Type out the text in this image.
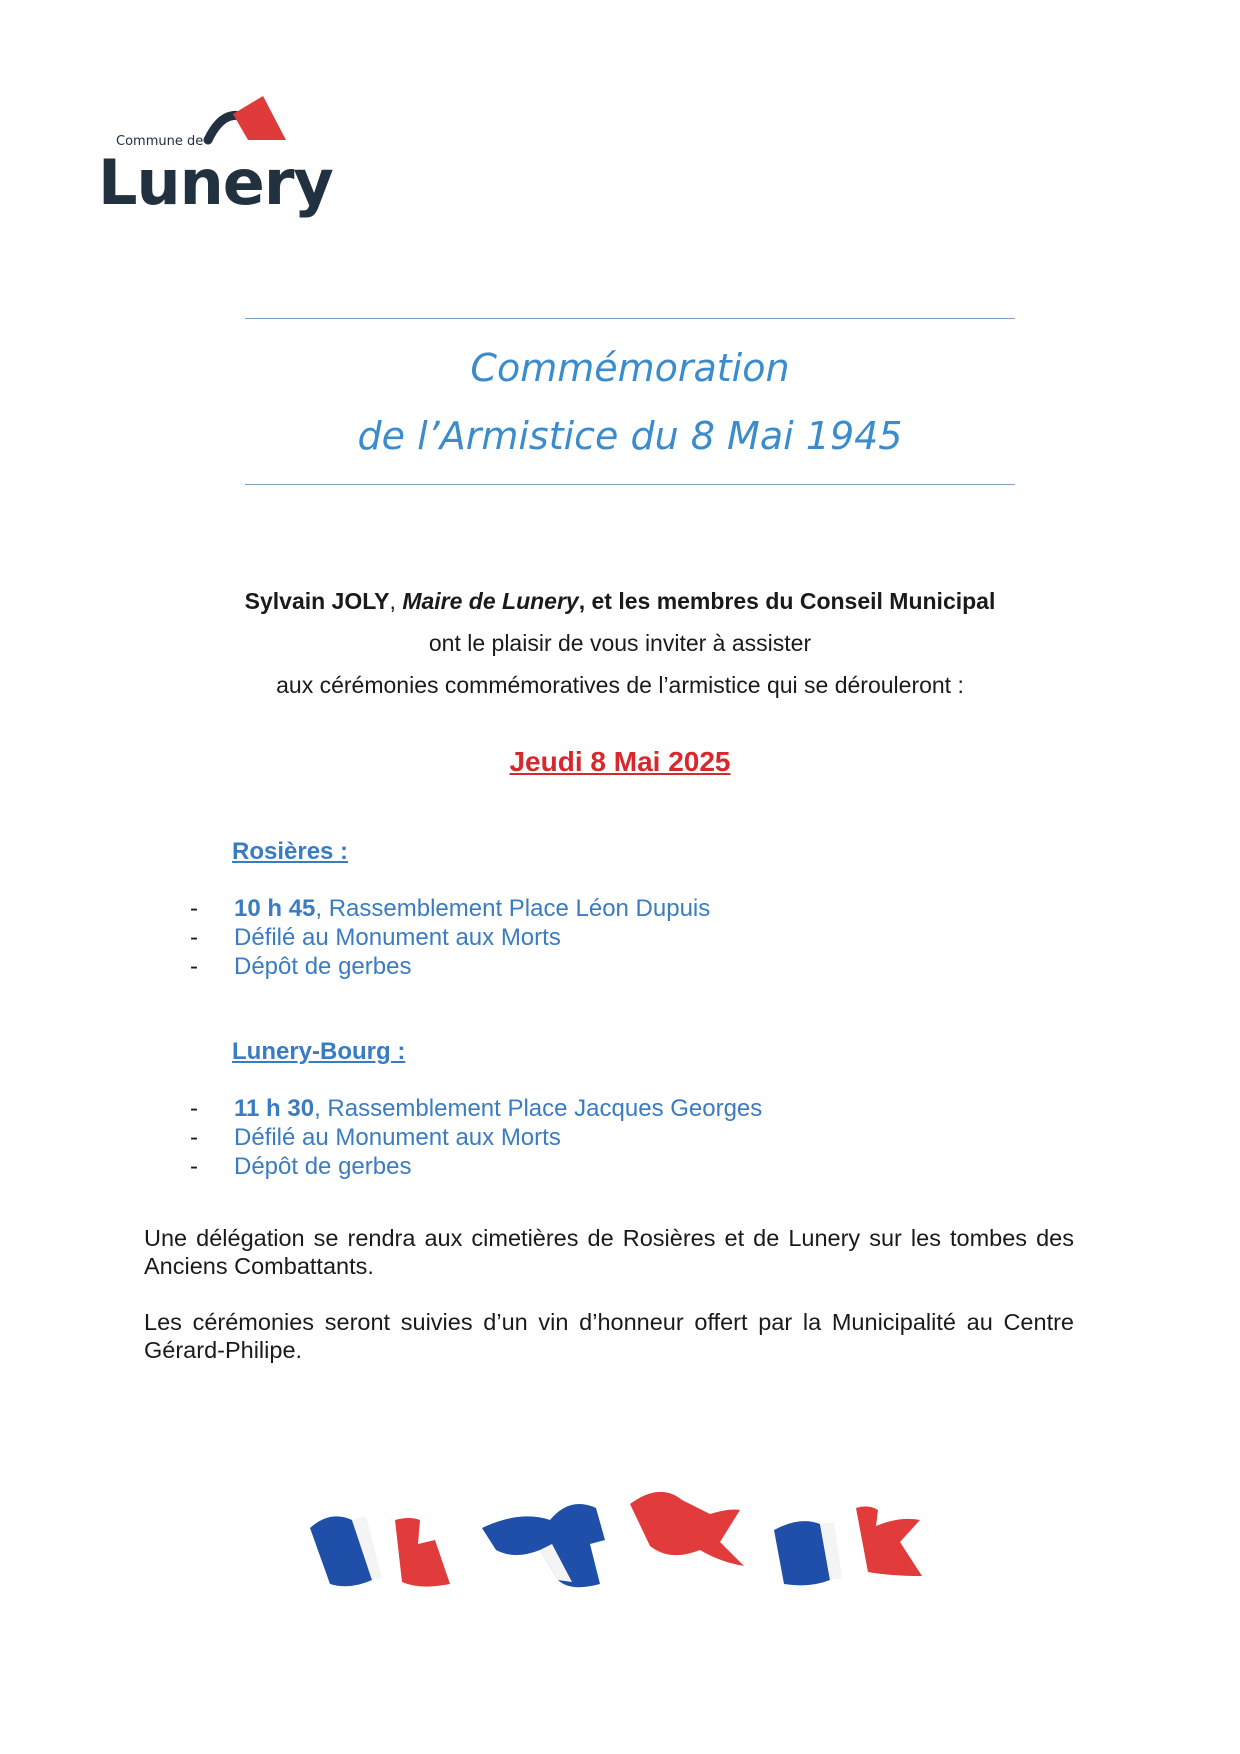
Commune de
Lunery
Commémoration
de l’Armistice du 8 Mai 1945
Sylvain JOLY, Maire de Lunery, et les membres du Conseil Municipal
ont le plaisir de vous inviter à assister
aux cérémonies commémoratives de l’armistice qui se dérouleront :
Jeudi 8 Mai 2025
Rosières :
- 10 h 45, Rassemblement Place Léon Dupuis
- Défilé au Monument aux Morts
- Dépôt de gerbes
Lunery-Bourg :
- 11 h 30, Rassemblement Place Jacques Georges
- Défilé au Monument aux Morts
- Dépôt de gerbes

Une délégation se rendra aux cimetières de Rosières et de Lunery sur les tombes des Anciens Combattants.

Les cérémonies seront suivies d’un vin d’honneur offert par la Municipalité au Centre Gérard-Philipe.
